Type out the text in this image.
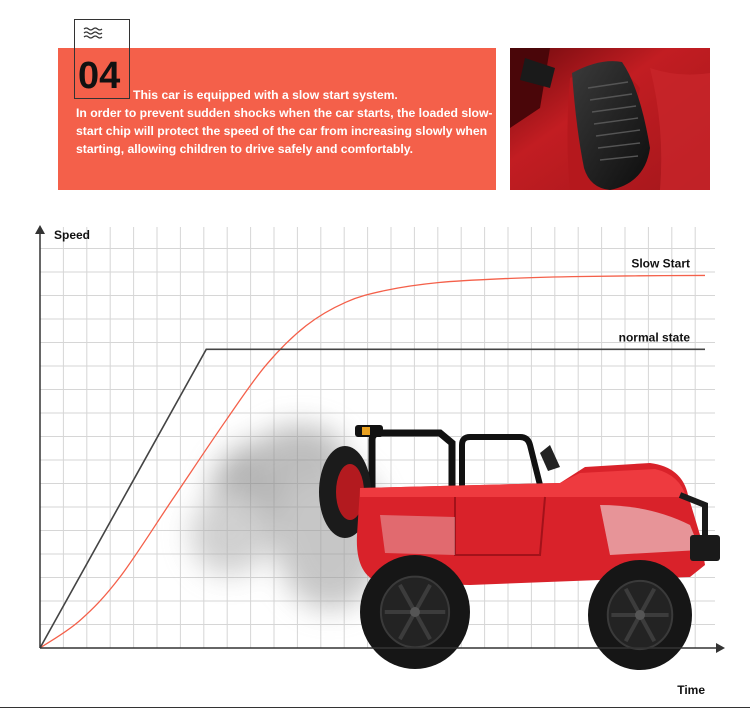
04	This car is equipped with a slow start system.
In order to prevent sudden shocks when the car starts, the loaded slow-start chip will protect the speed of the car from increasing slowly when starting, allowing children to drive safely and comfortably.
Slow Start
normal state
Speed
Time
